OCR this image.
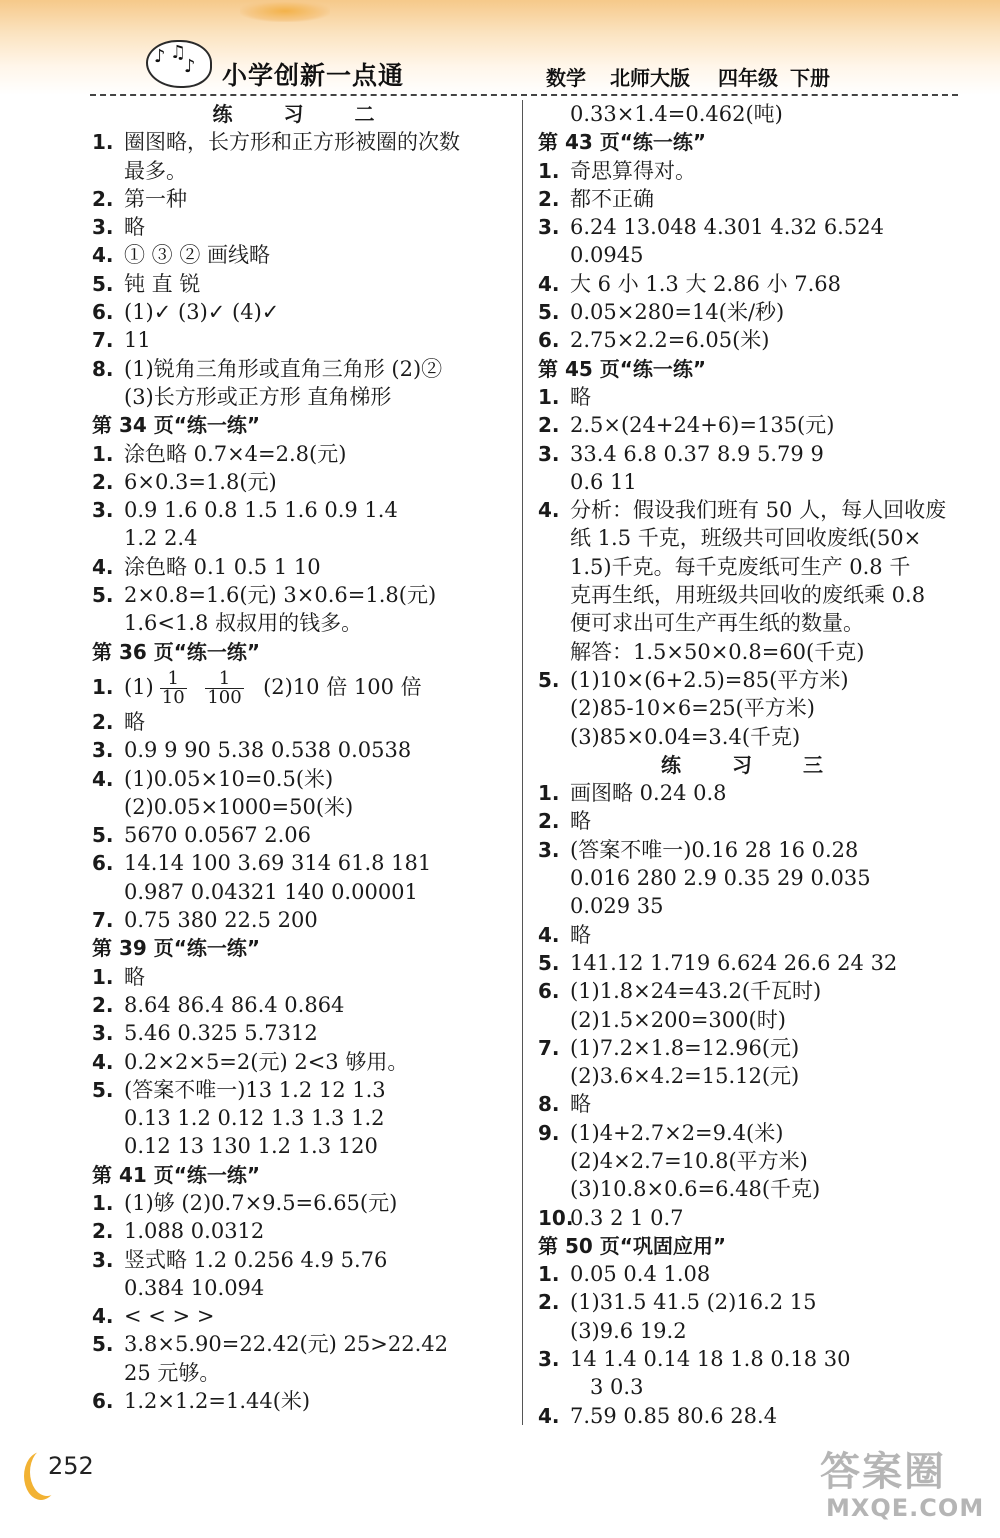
♪ ♫
♪ 小学创新一点通	数学 北师大版 四年级 下册
练 习 二
1. 圈图略，长方形和正方形被圈的次数
最多。
2. 第一种
3. 略
4. ① ③ ② 画线略
5. 钝 直 锐
6. (1)✓ (3)✓ (4)✓
7. 11
8. (1)锐角三角形或直角三角形 (2)②
(3)长方形或正方形 直角梯形
第 34 页“练一练”
1. 涂色略 0.7×4=2.8(元)
2. 6×0.3=1.8(元)
3. 0.9 1.6 0.8 1.5 1.6 0.9 1.4
1.2 2.4
4. 涂色略 0.1 0.5 1 10
5. 2×0.8=1.6(元) 3×0.6=1.8(元)
1.6<1.8 叔叔用的钱多。
第 36 页“练一练”
1. $(1) \frac{1}{10}$
$\frac{1}{100} (2)10$ 倍 100 倍
2. 略
3. 0.9 9 90 5.38 0.538 0.0538
4. (1)0.05×10=0.5(米)
(2)0.05×1000=50(米)
5. 5670 0.0567 2.06
6. 14.14 100 3.69 314 61.8 181
0.987 0.04321 140 0.00001
7. 0.75 380 22.5 200
第 39 页“练一练”
1. 略
2. 8.64 86.4 86.4 0.864
3. 5.46 0.325 5.7312
4. 0.2×2×5=2(元) 2<3 够用。
5. (答案不唯一)13 1.2 12 1.3
0.13 1.2 0.12 1.3 1.3 1.2
0.12 13 130 1.2 1.3 120
第 41 页“练一练”
1. (1)够 (2)0.7×9.5=6.65(元)
2. 1.088 0.0312
3. 竖式略 1.2 0.256 4.9 5.76
0.384 10.094
4. < < > >
5. 3.8×5.90=22.42(元) 25>22.42
25 元够。
6. 1.2×1.2=1.44(米)
0.33×1.4=0.462(吨)
第 43 页“练一练”
1. 奇思算得对。
2. 都不正确
3. 6.24 13.048 4.301 4.32 6.524
0.0945
4. 大 6 小 1.3 大 2.86 小 7.68
5. 0.05×280=14(米/秒)
6. 2.75×2.2=6.05(米)
第 45 页“练一练”
1. 略
2. 2.5×(24+24+6)=135(元)
3. 33.4 6.8 0.37 8.9 5.79 9
0.6 11
4. 分析：假设我们班有 50 人，每人回收废
纸 1.5 千克，班级共可回收废纸(50×
1.5)千克。每千克废纸可生产 0.8 千
克再生纸，用班级共回收的废纸乘 0.8
便可求出可生产再生纸的数量。
解答：1.5×50×0.8=60(千克)
5. (1)10×(6+2.5)=85(平方米)
(2)85-10×6=25(平方米)
(3)85×0.04=3.4(千克)
练 习 三
1. 画图略 0.24 0.8
2. 略
3. (答案不唯一)0.16 28 16 0.28
0.016 280 2.9 0.35 29 0.035
0.029 35
4. 略
5. 141.12 1.719 6.624 26.6 24 32
6. (1)1.8×24=43.2(千瓦时)
(2)1.5×200=300(时)
7. (1)7.2×1.8=12.96(元)
(2)3.6×4.2=15.12(元)
8. 略
9. (1)4+2.7×2=9.4(米)
(2)4×2.7=10.8(平方米)
(3)10.8×0.6=6.48(千克)
10.
0.3 2 1 0.7
第 50 页“巩固应用”
1. 0.05 0.4 1.08
2. (1)31.5 41.5 (2)16.2 15
(3)9.6 19.2
3. 14 1.4 0.14 18 1.8 0.18 30
3 0.3
4. 7.59 0.85 80.6 28.4
252	答案圈
MXQE.COM
